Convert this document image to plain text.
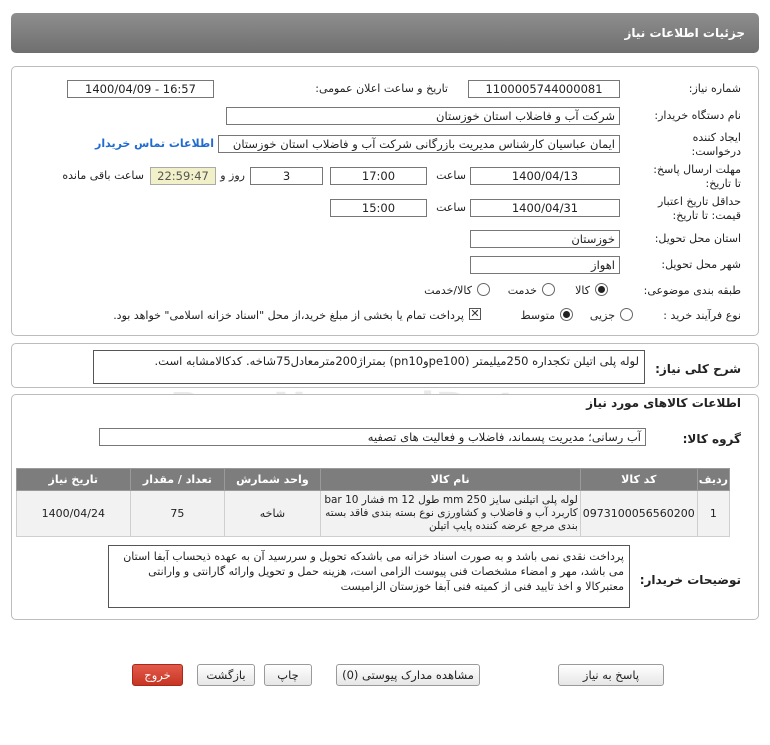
جزئیات اطلاعات نیاز
شماره نیاز:
1100005744000081
تاریخ و ساعت اعلان عمومی:
1400/04/09 - 16:57
نام دستگاه خریدار:
شرکت آب و فاضلاب استان خوزستان
ایجاد کننده
درخواست:
ایمان عباسیان کارشناس مدیریت بازرگانی شرکت آب و فاضلاب استان خوزستان
اطلاعات تماس خریدار
مهلت ارسال پاسخ:
تا تاریخ:
1400/04/13
ساعت
17:00
3
روز و
22:59:47
ساعت باقی مانده
حداقل تاریخ اعتبار
قیمت: تا تاریخ:
1400/04/31
ساعت
15:00
استان محل تحویل:
خوزستان
شهر محل تحویل:
اهواز
طبقه بندی موضوعی:
کالا
خدمت
کالا/خدمت
نوع فرآیند خرید :
جزیی
متوسط
✕
پرداخت تمام یا بخشی از مبلغ خرید،از محل "اسناد خزانه اسلامی" خواهد بود.
شرح کلی نیاز:
لوله پلی اتیلن تکجداره 250میلیمتر (pe100وpn10) بمتراژ200مترمعادل75شاخه. کدکالامشابه است.
اطلاعات کالاهای مورد نیاز
گروه کالا:
آب رسانی؛ مدیریت پسماند، فاضلاب و فعالیت های تصفیه
ردیف	کد کالا	نام کالا	واحد شمارش	تعداد / مقدار	تاریخ نیاز
1	0973100056560200	لوله پلی اتیلنی سایز 250 mm طول 12 m فشار 10 bar کاربرد آب و فاضلاب و کشاورزی نوع بسته بندی فاقد بسته بندی مرجع عرضه کننده پایپ اتیلن	شاخه	75	1400/04/24
توضیحات خریدار:
پرداخت نقدی نمی باشد و به صورت اسناد خزانه می باشدکه تحویل و سررسید آن به عهده ذیحساب آبفا استان می باشد، مهر و امضاء مشخصات فنی پیوست الزامی است، هزینه حمل و تحویل وارائه گارانتی و وارانتی معتبرکالا و اخذ تایید فنی از کمیته فنی آبفا خوزستان الزامیست
پاسخ به نیاز
مشاهده مدارک پیوستی (0)
چاپ
بازگشت
خروج
